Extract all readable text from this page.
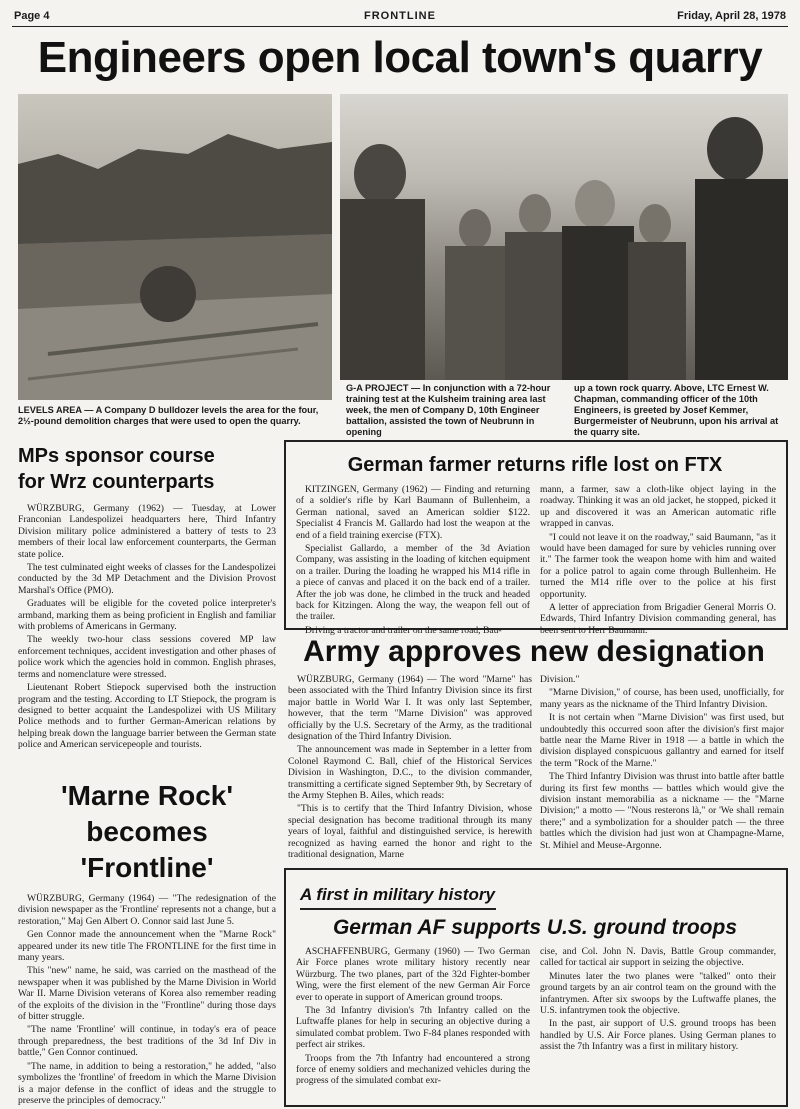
Page 4	FRONTLINE	Friday, April 28, 1978
Engineers open local town's quarry
LEVELS AREA — A Company D bulldozer levels the area for the four, 2½-pound demolition charges that were used to open the quarry.
G-A PROJECT — In conjunction with a 72-hour training test at the Kulsheim training area last week, the men of Company D, 10th Engineer battalion, assisted the town of Neubrunn in opening
up a town rock quarry. Above, LTC Ernest W. Chapman, commanding officer of the 10th Engineers, is greeted by Josef Kemmer, Burgermeister of Neubrunn, upon his arrival at the quarry site.
MPs sponsor course
for Wrz counterparts

WÜRZBURG, Germany (1962) — Tuesday, at Lower Franconian Landespolizei headquarters here, Third Infantry Division military police administered a battery of tests to 23 members of their local law enforcement counterparts, the German state police.

The test culminated eight weeks of classes for the Landespolizei conducted by the 3d MP Detachment and the Division Provost Marshal's Office (PMO).

Graduates will be eligible for the coveted police interpreter's armband, marking them as being proficient in English and familiar with problems of Americans in Germany.

The weekly two-hour class sessions covered MP law enforcement techniques, accident investigation and other phases of police work which the agencies hold in common. English phrases, terms and nomenclature were stressed.

Lieutenant Robert Stiepock supervised both the instruction program and the testing. According to LT Stiepock, the program is designed to better acquaint the Landespolizei with US Military Police methods and to further German-American relations by helping break down the language barrier between the German state police and American servicepeople and tourists.

'Marne Rock'
becomes
'Frontline'

WÜRZBURG, Germany (1964) — "The redesignation of the division newspaper as the 'Frontline' represents not a change, but a restoration," Maj Gen Albert O. Connor said last June 5.

Gen Connor made the announcement when the "Marne Rock" appeared under its new title The FRONTLINE for the first time in many years.

This "new" name, he said, was carried on the masthead of the newspaper when it was published by the Marne Division in World War II. Marne Division veterans of Korea also remember reading of the exploits of the division in the "Frontline" during those days of bitter struggle.

"The name 'Frontline' will continue, in today's era of peace through preparedness, the best traditions of the 3d Inf Div in battle," Gen Connor continued.

"The name, in addition to being a restoration," he added, "also symbolizes the 'frontline' of freedom in which the Marne Division is a major defense in the conflict of ideas and the struggle to preserve the principles of democracy."

German farmer returns rifle lost on FTX

KITZINGEN, Germany (1962) — Finding and returning of a soldier's rifle by Karl Baumann of Bullenheim, a German national, saved an American soldier $122. Specialist 4 Francis M. Gallardo had lost the weapon at the end of a field training exercise (FTX).

Specialist Gallardo, a member of the 3d Aviation Company, was assisting in the loading of kitchen equipment on a trailer. During the loading he wrapped his M14 rifle in a piece of canvas and placed it on the back end of a trailer. After the job was done, he climbed in the truck and headed back for Kitzingen. Along the way, the weapon fell out of the trailer.

Driving a tractor and trailer on the same road, Bau-

mann, a farmer, saw a cloth-like object laying in the roadway. Thinking it was an old jacket, he stopped, picked it up and discovered it was an American automatic rifle wrapped in canvas.

"I could not leave it on the roadway," said Baumann, "as it would have been damaged for sure by vehicles running over it." The farmer took the weapon home with him and waited for a police patrol to again come through Bullenheim. He turned the M14 rifle over to the police at his first opportunity.

A letter of appreciation from Brigadier General Morris O. Edwards, Third Infantry Division commanding general, has been sent to Herr Baumann.

Army approves new designation

WÜRZBURG, Germany (1964) — The word "Marne" has been associated with the Third Infantry Division since its first major battle in World War I. It was only last September, however, that the term "Marne Division" was approved officially by the U.S. Secretary of the Army, as the traditional designation of the Third Infantry Division.

The announcement was made in September in a letter from Colonel Raymond C. Ball, chief of the Historical Services Division in Washington, D.C., to the division commander, transmitting a certificate signed September 9th, by Secretary of the Army Stephen B. Ailes, which reads:

"This is to certify that the Third Infantry Division, whose special designation has become traditional through its many years of loyal, faithful and distinguished service, is herewith recognized as having earned the honor and right to the traditional designation, Marne

Division."

"Marne Division," of course, has been used, unofficially, for many years as the nickname of the Third Infantry Division.

It is not certain when "Marne Division" was first used, but undoubtedly this occurred soon after the division's first major battle near the Marne River in 1918 — a battle in which the division displayed conspicuous gallantry and earned for itself the term "Rock of the Marne."

The Third Infantry Division was thrust into battle after battle during its first few months — battles which would give the division instant memorabilia as a nickname — the "Marne Division;" a motto — "Nous resterons là," or 'We shall remain there;" and a symbolization for a shoulder patch — the three battles which the division had just won at Champagne-Marne, St. Mihiel and Meuse-Argonne.

A first in military history
German AF supports U.S. ground troops

ASCHAFFENBURG, Germany (1960) — Two German Air Force planes wrote military history recently near Würzburg. The two planes, part of the 32d Fighter-bomber Wing, were the first element of the new German Air Force ever to operate in support of American ground troops.

The 3d Infantry division's 7th Infantry called on the Luftwaffe planes for help in securing an objective during a simulated combat problem. Two F-84 planes responded with perfect air strikes.

Troops from the 7th Infantry had encountered a strong force of enemy soldiers and mechanized vehicles during the progress of the simulated combat exr-

cise, and Col. John N. Davis, Battle Group commander, called for tactical air support in seizing the objective.

Minutes later the two planes were "talked" onto their ground targets by an air control team on the ground with the infantrymen. After six swoops by the Luftwaffe planes, the U.S. infantrymen took the objective.

In the past, air support of U.S. ground troops has been handled by U.S. Air Force planes. Using German planes to assist the 7th Infantry was a first in military history.
